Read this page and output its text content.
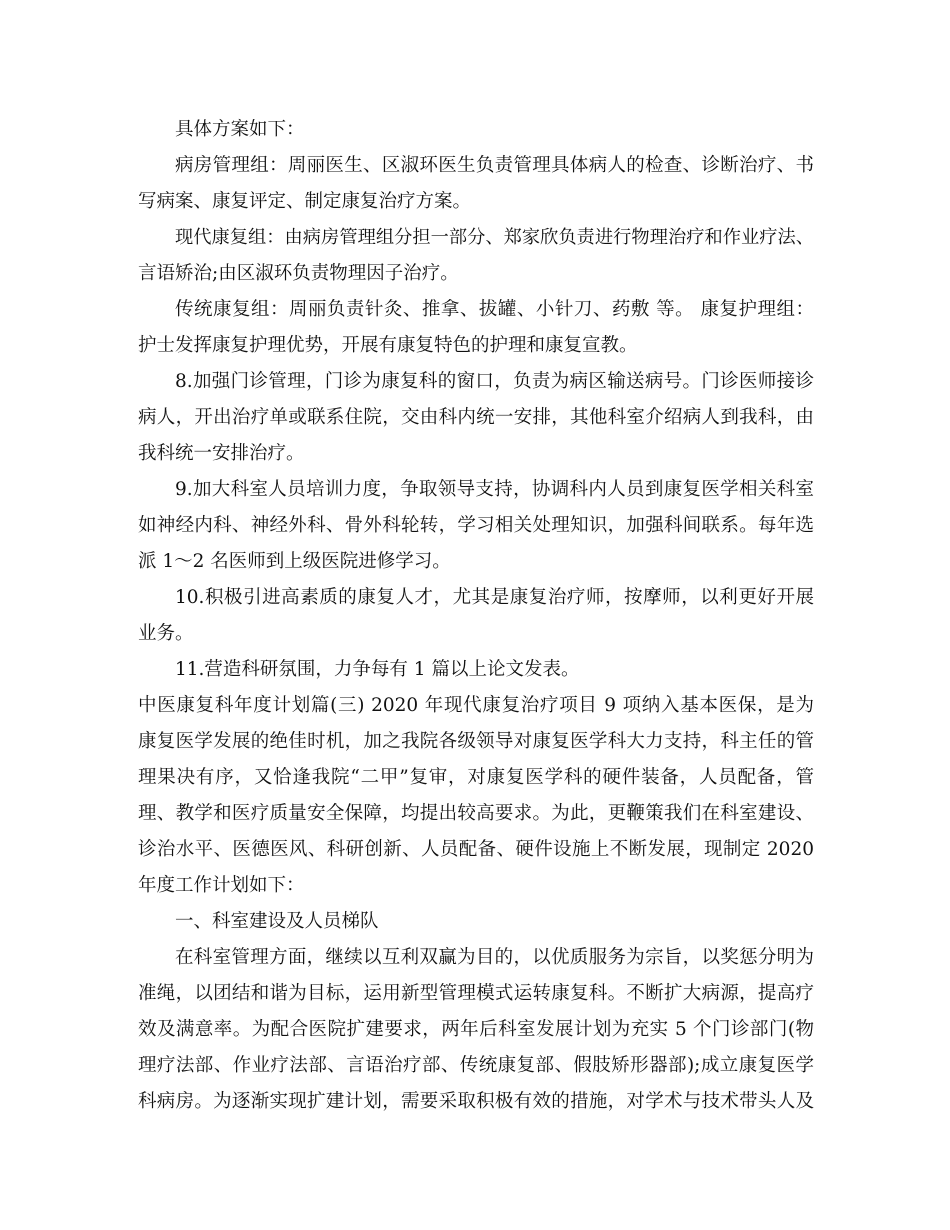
具体方案如下：
病房管理组：周丽医生、区淑环医生负责管理具体病人的检查、诊断治疗、书
写病案、康复评定、制定康复治疗方案。
现代康复组：由病房管理组分担一部分、郑家欣负责进行物理治疗和作业疗法、
言语矫治;由区淑环负责物理因子治疗。
传统康复组：周丽负责针灸、推拿、拔罐、小针刀、药敷 等。 康复护理组：
护士发挥康复护理优势，开展有康复特色的护理和康复宣教。
8.加强门诊管理，门诊为康复科的窗口，负责为病区输送病号。门诊医师接诊
病人，开出治疗单或联系住院，交由科内统一安排，其他科室介绍病人到我科，由
我科统一安排治疗。
9.加大科室人员培训力度，争取领导支持，协调科内人员到康复医学相关科室
如神经内科、神经外科、骨外科轮转，学习相关处理知识，加强科间联系。每年选
派 1～2 名医师到上级医院进修学习。
10.积极引进高素质的康复人才，尤其是康复治疗师，按摩师，以利更好开展
业务。
11.营造科研氛围，力争每有 1 篇以上论文发表。
中医康复科年度计划篇(三) 2020 年现代康复治疗项目 9 项纳入基本医保，是为
康复医学发展的绝佳时机，加之我院各级领导对康复医学科大力支持，科主任的管
理果决有序，又恰逢我院“二甲”复审，对康复医学科的硬件装备，人员配备，管
理、教学和医疗质量安全保障，均提出较高要求。为此，更鞭策我们在科室建设、
诊治水平、医德医风、科研创新、人员配备、硬件设施上不断发展，现制定 2020
年度工作计划如下：
一、科室建设及人员梯队
在科室管理方面，继续以互利双赢为目的，以优质服务为宗旨，以奖惩分明为
准绳，以团结和谐为目标，运用新型管理模式运转康复科。不断扩大病源，提高疗
效及满意率。为配合医院扩建要求，两年后科室发展计划为充实 5 个门诊部门(物
理疗法部、作业疗法部、言语治疗部、传统康复部、假肢矫形器部);成立康复医学
科病房。为逐渐实现扩建计划，需要采取积极有效的措施，对学术与技术带头人及
